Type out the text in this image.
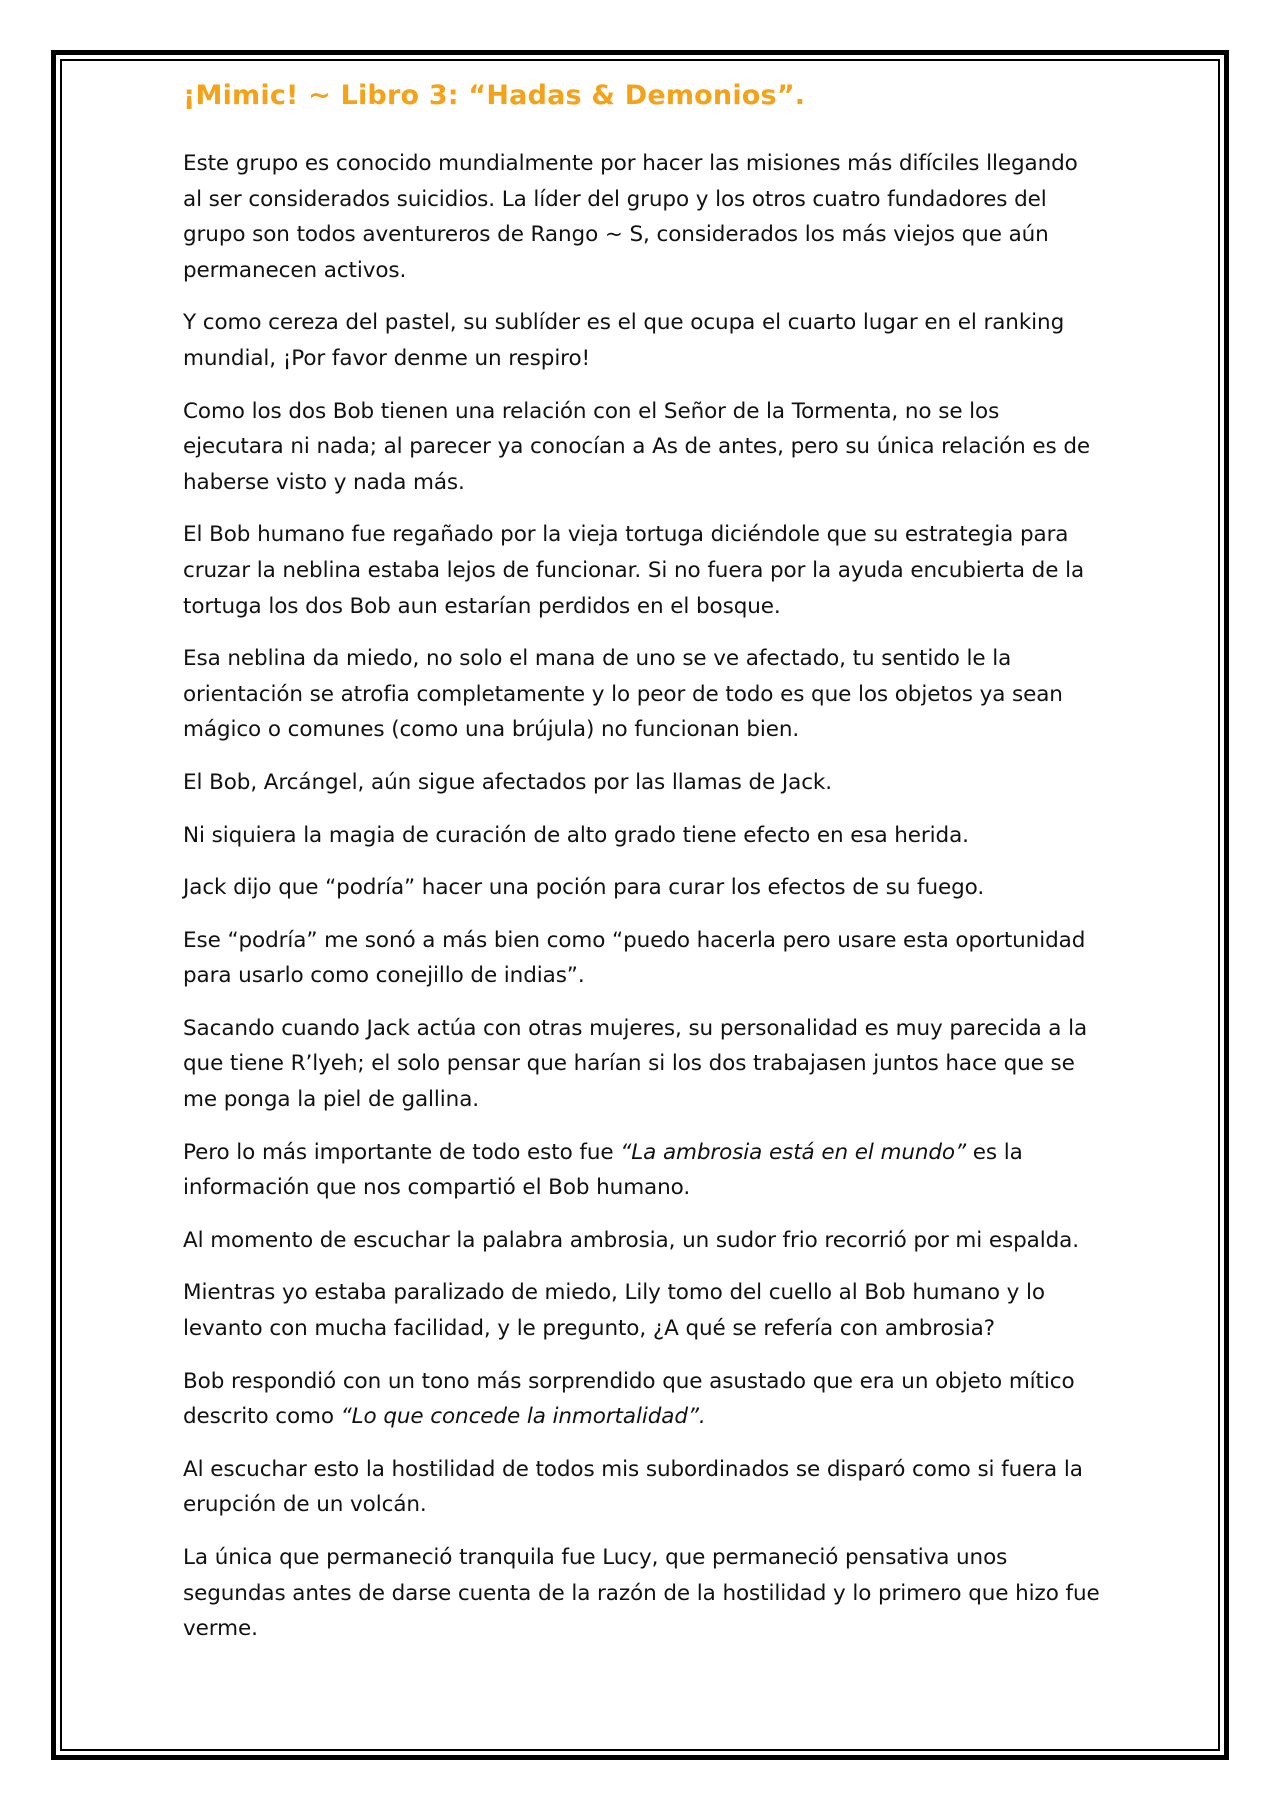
¡Mimic! ~ Libro 3: “Hadas & Demonios”.

Este grupo es conocido mundialmente por hacer las misiones más difíciles llegando al ser considerados suicidios. La líder del grupo y los otros cuatro fundadores del grupo son todos aventureros de Rango ~ S, considerados los más viejos que aún permanecen activos.

Y como cereza del pastel, su sublíder es el que ocupa el cuarto lugar en el ranking mundial, ¡Por favor denme un respiro!

Como los dos Bob tienen una relación con el Señor de la Tormenta, no se los ejecutara ni nada; al parecer ya conocían a As de antes, pero su única relación es de haberse visto y nada más.

El Bob humano fue regañado por la vieja tortuga diciéndole que su estrategia para cruzar la neblina estaba lejos de funcionar. Si no fuera por la ayuda encubierta de la tortuga los dos Bob aun estarían perdidos en el bosque.

Esa neblina da miedo, no solo el mana de uno se ve afectado, tu sentido le la orientación se atrofia completamente y lo peor de todo es que los objetos ya sean mágico o comunes (como una brújula) no funcionan bien.

El Bob, Arcángel, aún sigue afectados por las llamas de Jack.

Ni siquiera la magia de curación de alto grado tiene efecto en esa herida.

Jack dijo que “podría” hacer una poción para curar los efectos de su fuego.

Ese “podría” me sonó a más bien como “puedo hacerla pero usare esta oportunidad para usarlo como conejillo de indias”.

Sacando cuando Jack actúa con otras mujeres, su personalidad es muy parecida a la que tiene R’lyeh; el solo pensar que harían si los dos trabajasen juntos hace que se me ponga la piel de gallina.

Pero lo más importante de todo esto fue “La ambrosia está en el mundo” es la información que nos compartió el Bob humano.

Al momento de escuchar la palabra ambrosia, un sudor frio recorrió por mi espalda.

Mientras yo estaba paralizado de miedo, Lily tomo del cuello al Bob humano y lo levanto con mucha facilidad, y le pregunto, ¿A qué se refería con ambrosia?

Bob respondió con un tono más sorprendido que asustado que era un objeto mítico descrito como “Lo que concede la inmortalidad”.

Al escuchar esto la hostilidad de todos mis subordinados se disparó como si fuera la erupción de un volcán.

La única que permaneció tranquila fue Lucy, que permaneció pensativa unos segundas antes de darse cuenta de la razón de la hostilidad y lo primero que hizo fue verme.
